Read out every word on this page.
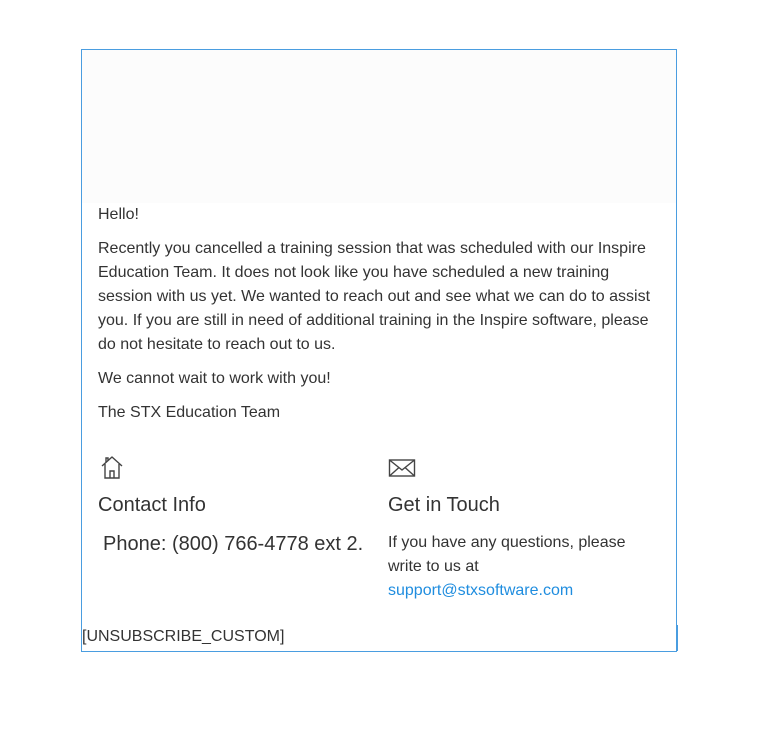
Hello!

Recently you cancelled a training session that was scheduled with our Inspire Education Team. It does not look like you have scheduled a new training session with us yet. We wanted to reach out and see what we can do to assist you. If you are still in need of additional training in the Inspire software, please do not hesitate to reach out to us.

We cannot wait to work with you!

The STX Education Team

Contact Info
Phone: (800) 766-4778 ext 2.
Get in Touch
If you have any questions, please write to us at
support@stxsoftware.com
[UNSUBSCRIBE_CUSTOM]
